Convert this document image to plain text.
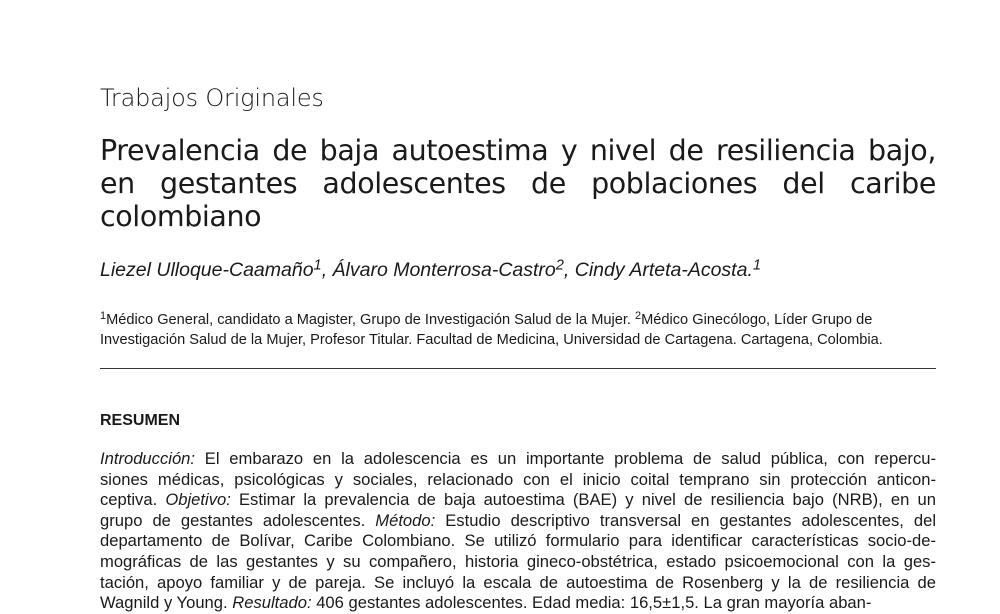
Trabajos Originales
Prevalencia de baja autoestima y nivel de resiliencia bajo,
en gestantes adolescentes de poblaciones del caribe
colombiano
Liezel Ulloque-Caamaño$^1$, Álvaro Monterrosa-Castro$^2$, Cindy Arteta-Acosta.$^1$
$^1$Médico General, candidato a Magister, Grupo de Investigación Salud de la Mujer. $^2$Médico Ginecólogo, Líder Grupo de
Investigación Salud de la Mujer, Profesor Titular. Facultad de Medicina, Universidad de Cartagena. Cartagena, Colombia.
RESUMEN
Introducción: El embarazo en la adolescencia es un importante problema de salud pública, con repercu-
siones médicas, psicológicas y sociales, relacionado con el inicio coital temprano sin protección anticon-
ceptiva. Objetivo: Estimar la prevalencia de baja autoestima (BAE) y nivel de resiliencia bajo (NRB), en un
grupo de gestantes adolescentes. Método: Estudio descriptivo transversal en gestantes adolescentes, del
departamento de Bolívar, Caribe Colombiano. Se utilizó formulario para identificar características socio-de-
mográficas de las gestantes y su compañero, historia gineco-obstétrica, estado psicoemocional con la ges-
tación, apoyo familiar y de pareja. Se incluyó la escala de autoestima de Rosenberg y la de resiliencia de
Wagnild y Young. Resultado: 406 gestantes adolescentes. Edad media: 16,5±1,5. La gran mayoría aban-
